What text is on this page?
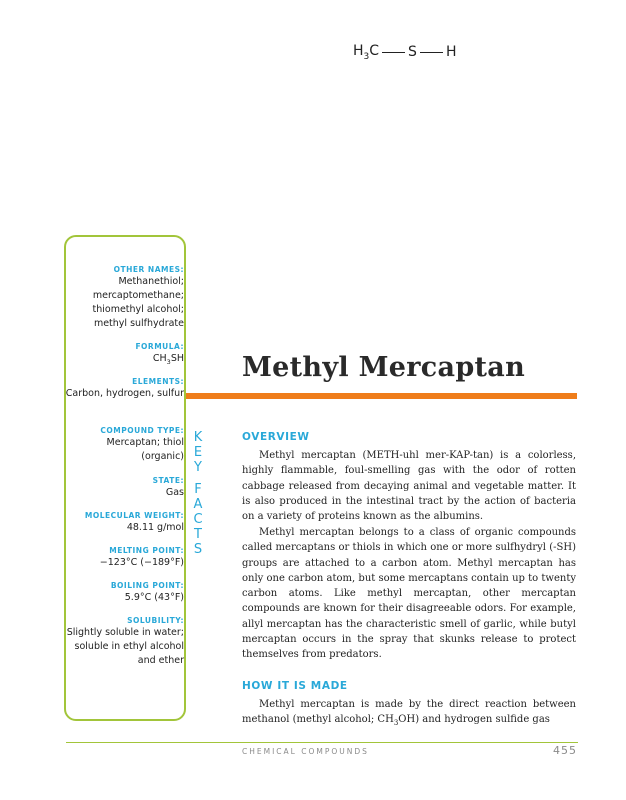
$H_3C$ S H
OTHER NAMES:
Methanethiol; mercaptomethane; thiomethyl alcohol; methyl sulfhydrate
FORMULA:
$CH_3SH$
ELEMENTS:
Carbon, hydrogen, sulfur
COMPOUND TYPE:
Mercaptan; thiol (organic)
STATE:
Gas
MOLECULAR WEIGHT:
48.11 g/mol
MELTING POINT:
−123°C (−189°F)
BOILING POINT:
5.9°C (43°F)
SOLUBILITY:
Slightly soluble in water; soluble in ethyl alcohol and ether
K
E
Y
F
A
C
T
S
Methyl Mercaptan
OVERVIEW

Methyl mercaptan (METH-uhl mer-KAP-tan) is a colorless, highly flammable, foul-smelling gas with the odor of rotten cabbage released from decaying animal and vegetable matter. It is also produced in the intestinal tract by the action of bacteria on a variety of proteins known as the albumins.

Methyl mercaptan belongs to a class of organic compounds called mercaptans or thiols in which one or more sulfhydryl (-SH) groups are attached to a carbon atom. Methyl mercaptan has only one carbon atom, but some mercaptans contain up to twenty carbon atoms. Like methyl mercaptan, other mercaptan compounds are known for their disagreeable odors. For example, allyl mercaptan has the characteristic smell of garlic, while butyl mercaptan occurs in the spray that skunks release to protect themselves from predators.

HOW IT IS MADE

Methyl mercaptan is made by the direct reaction between methanol (methyl alcohol; $CH_3OH$) and hydrogen sulfide gas

CHEMICAL COMPOUNDS	455
